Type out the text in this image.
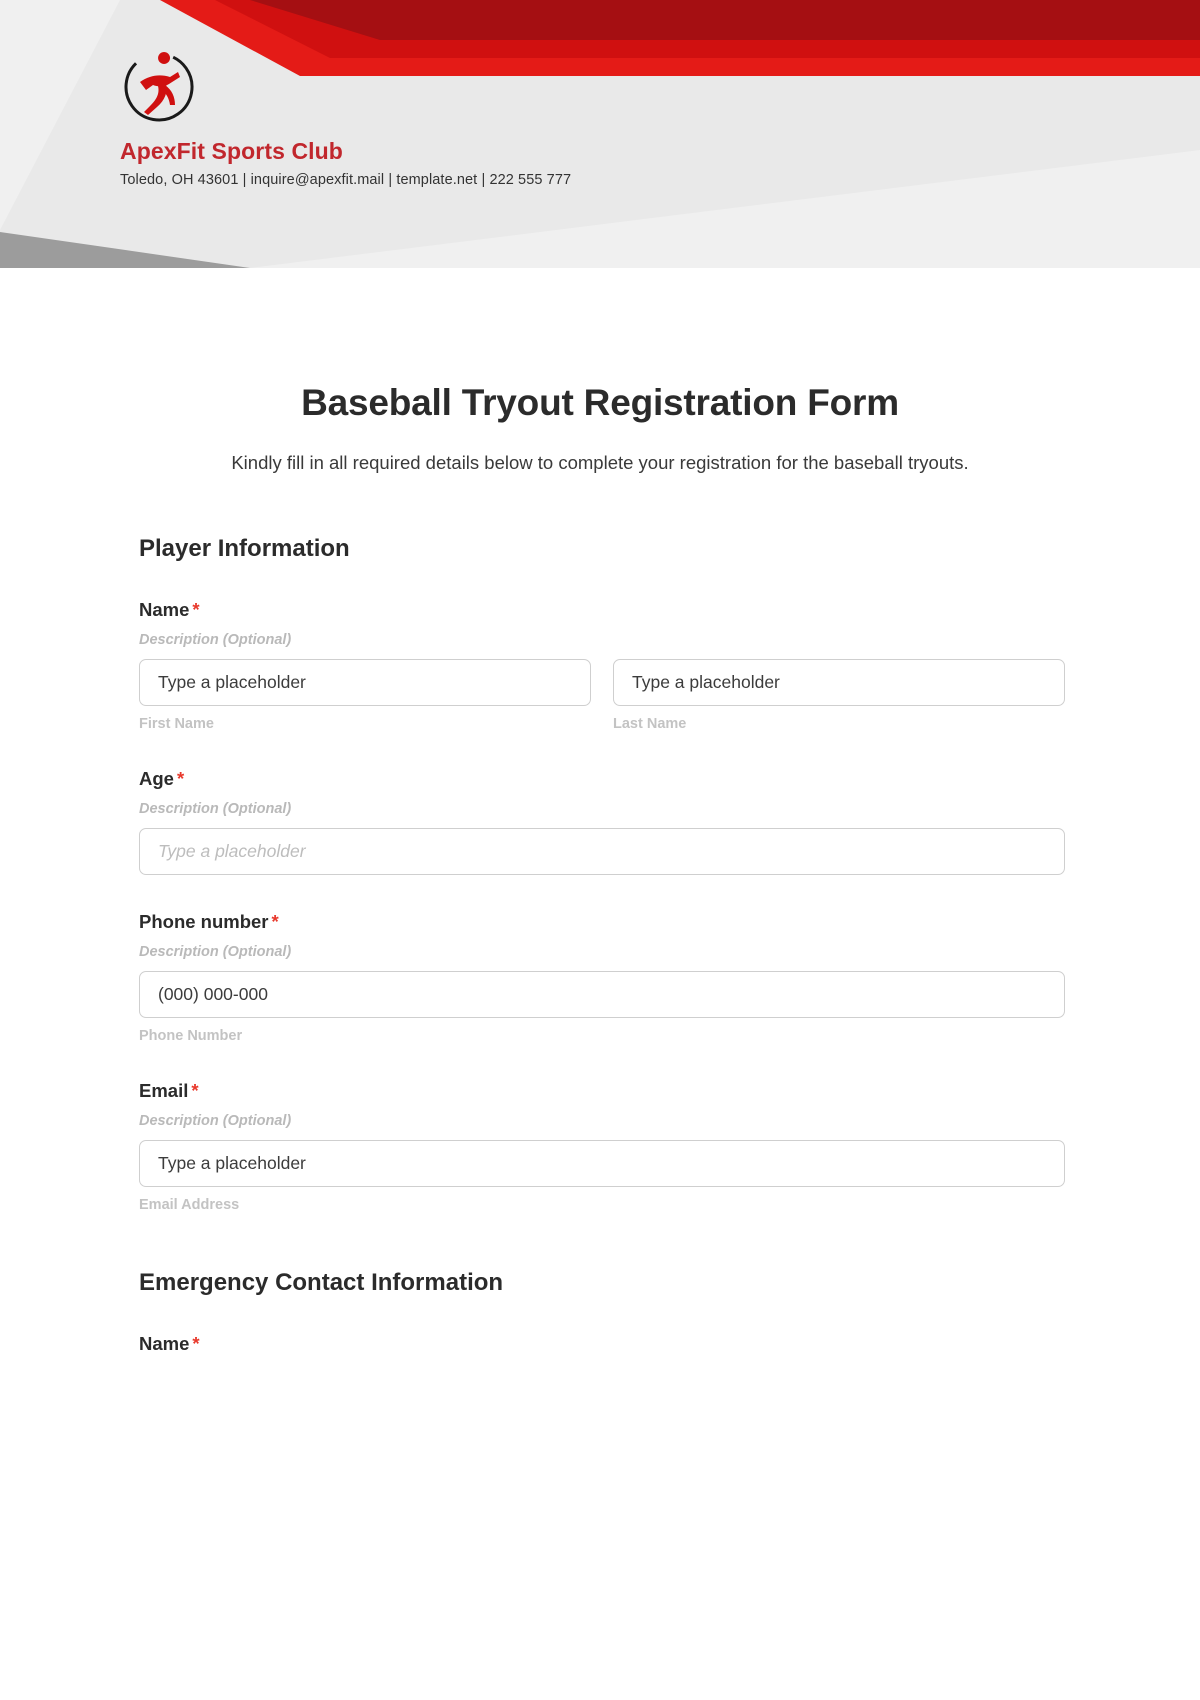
ApexFit Sports Club
Toledo, OH 43601 | inquire@apexfit.mail | template.net | 222 555 777
Baseball Tryout Registration Form
Kindly fill in all required details below to complete your registration for the baseball tryouts.
Player Information
Name *
Description (Optional)
Type a placeholder
First Name
Type a placeholder	Last Name
Age *
Description (Optional)
Type a placeholder
Phone number *
Description (Optional)
(000) 000-000
Phone Number
Email *
Description (Optional)
Type a placeholder
Email Address
Emergency Contact Information
Name *
